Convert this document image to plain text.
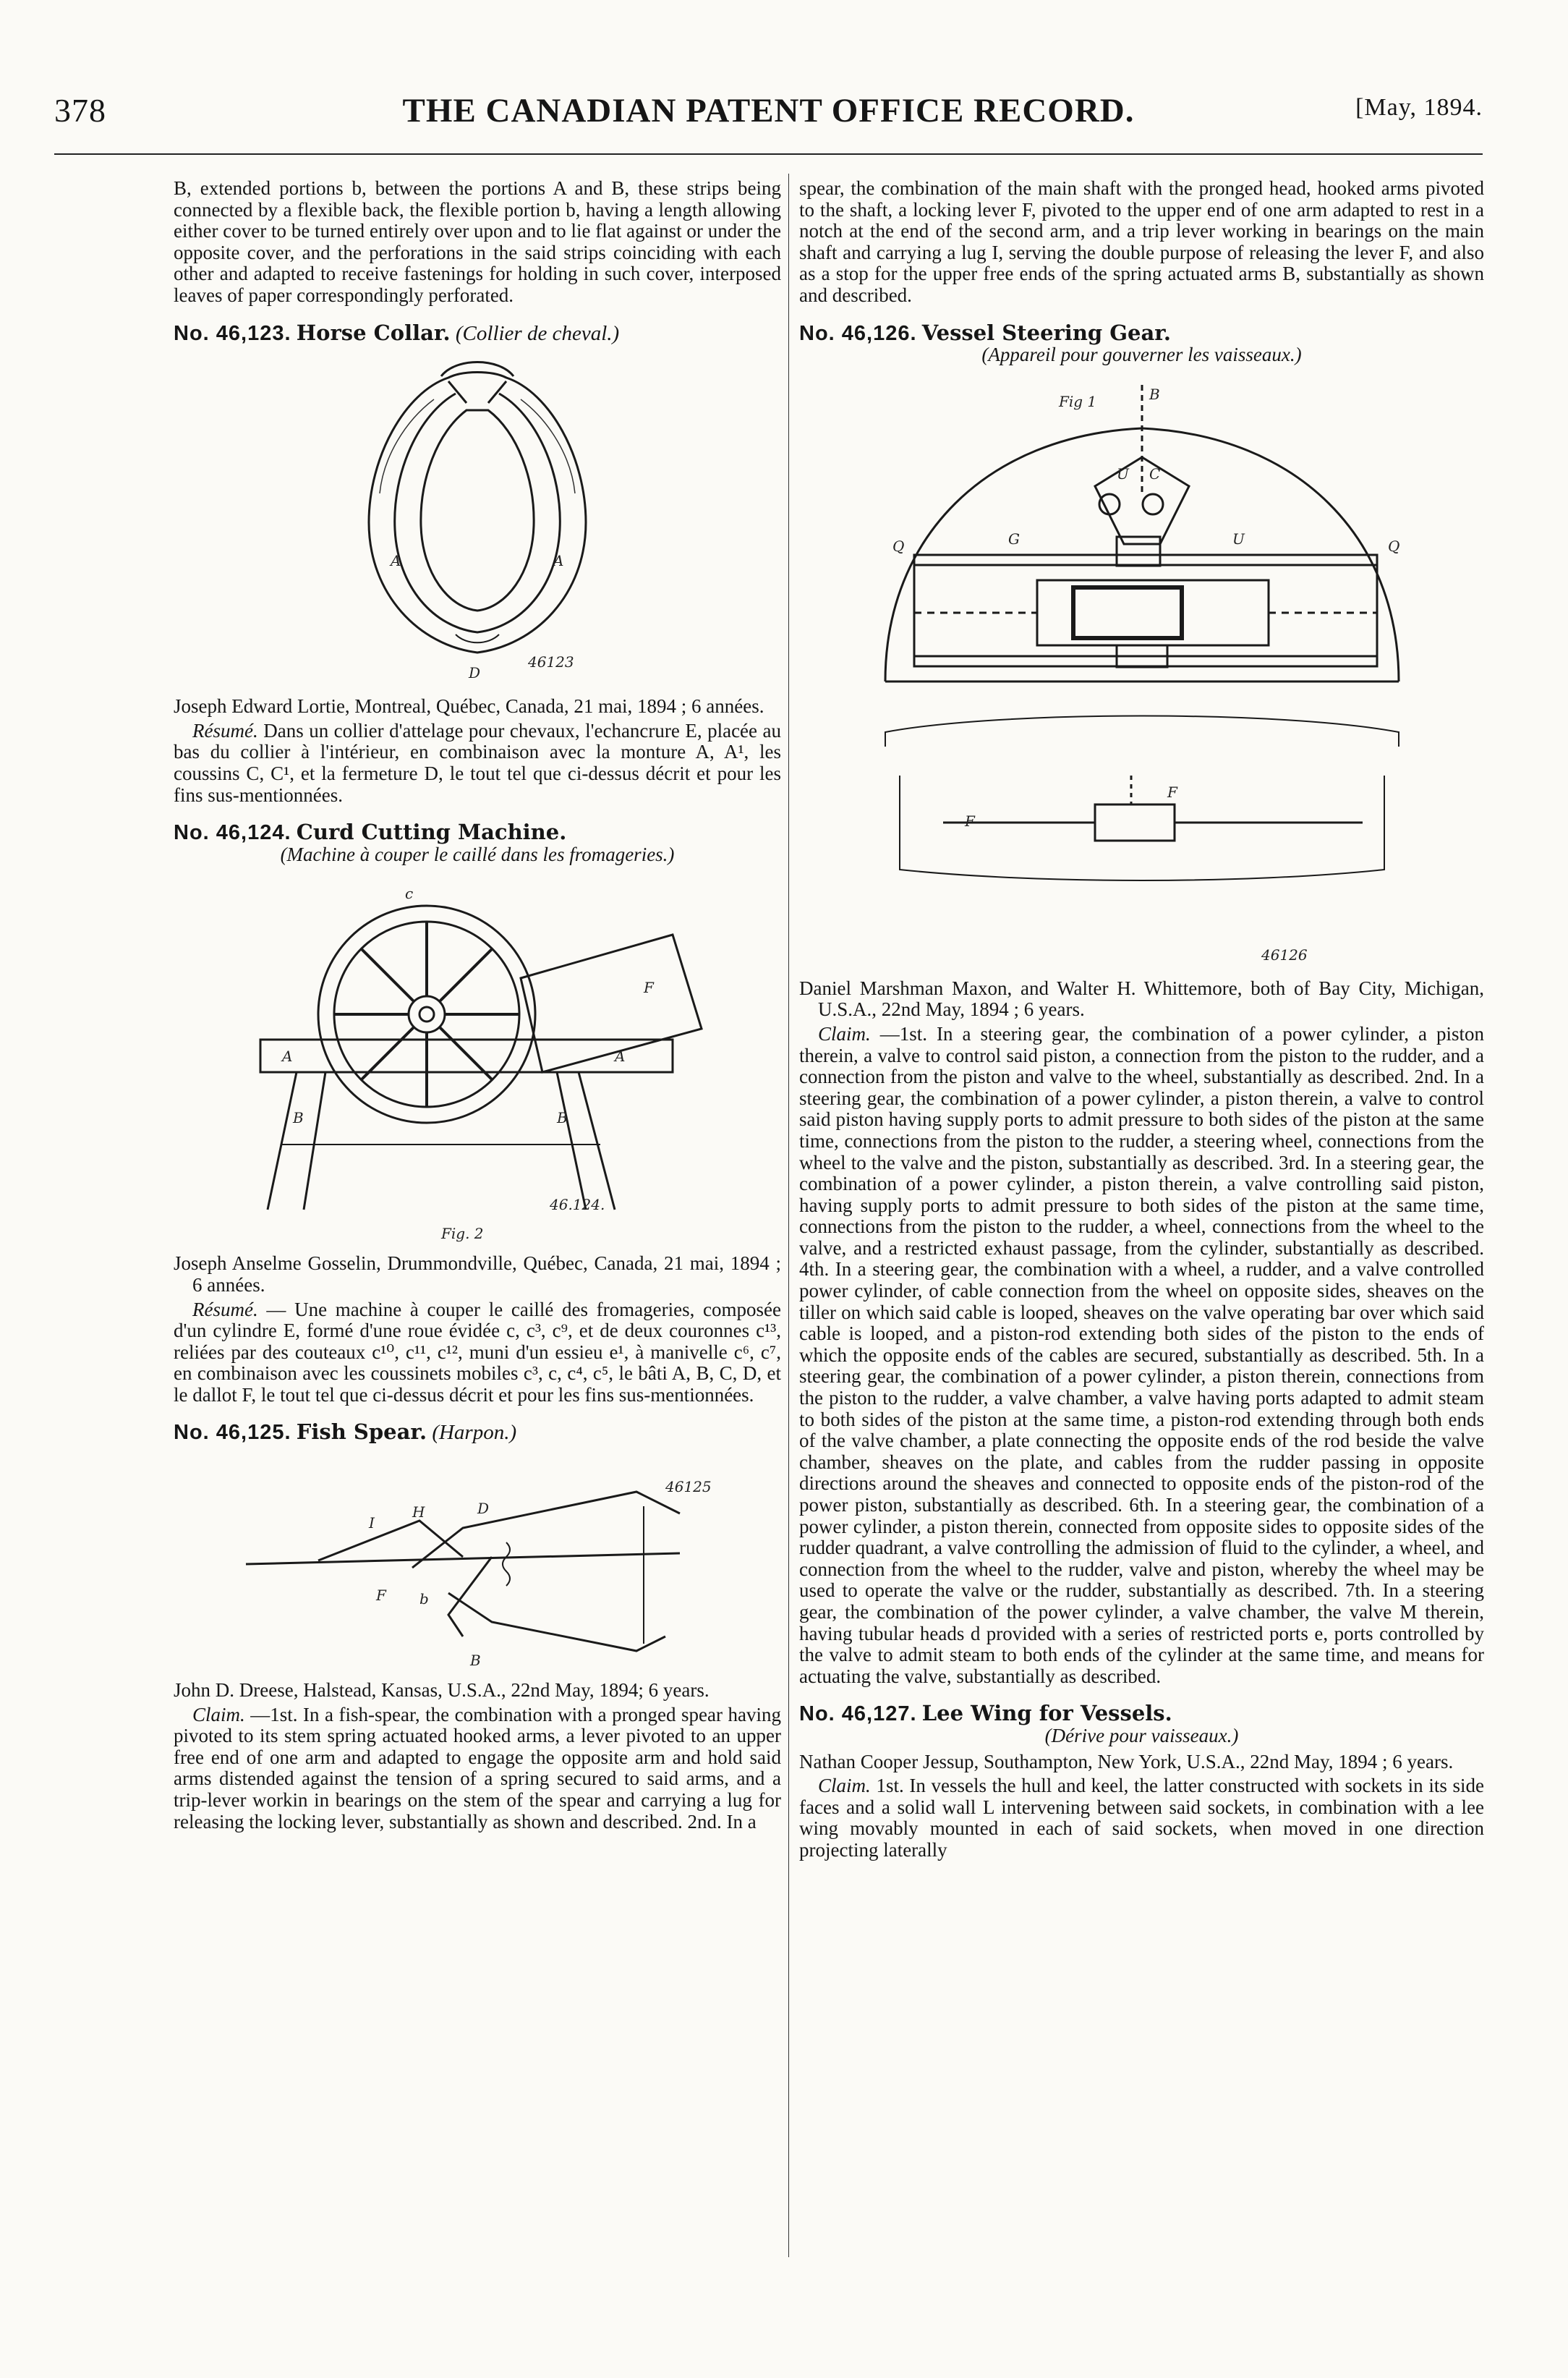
378	THE CANADIAN PATENT OFFICE RECORD.	[May, 1894.

B, extended portions b, between the portions A and B, these strips being connected by a flexible back, the flexible portion b, having a length allowing either cover to be turned entirely over upon and to lie flat against or under the opposite cover, and the perforations in the said strips coinciding with each other and adapted to receive fastenings for holding in such cover, interposed leaves of paper correspondingly perforated.

No. 46,123. Horse Collar. (Collier de cheval.)

A	A
D
46123

Joseph Edward Lortie, Montreal, Québec, Canada, 21 mai, 1894 ; 6 années.

Résumé. Dans un collier d'attelage pour chevaux, l'echancrure E, placée au bas du collier à l'intérieur, en combinaison avec la monture A, A¹, les coussins C, C¹, et la fermeture D, le tout tel que ci-dessus décrit et pour les fins sus-mentionnées.

No. 46,124. Curd Cutting Machine.

(Machine à couper le caillé dans les fromageries.)

c
A	A
F
B	B
46.124.
Fig. 2

Joseph Anselme Gosselin, Drummondville, Québec, Canada, 21 mai, 1894 ; 6 années.

Résumé. — Une machine à couper le caillé des fromageries, composée d'un cylindre E, formé d'une roue évidée c, c³, c⁹, et de deux couronnes c¹³, reliées par des couteaux c¹⁰, c¹¹, c¹², muni d'un essieu e¹, à manivelle c⁶, c⁷, en combinaison avec les coussinets mobiles c³, c, c⁴, c⁵, le bâti A, B, C, D, et le dallot F, le tout tel que ci-dessus décrit et pour les fins sus-mentionnées.

No. 46,125. Fish Spear. (Harpon.)

I
H	D
F b
B
46125

John D. Dreese, Halstead, Kansas, U.S.A., 22nd May, 1894; 6 years.

Claim. —1st. In a fish-spear, the combination with a pronged spear having pivoted to its stem spring actuated hooked arms, a lever pivoted to an upper free end of one arm and adapted to engage the opposite arm and hold said arms distended against the tension of a spring secured to said arms, and a trip-lever workin in bearings on the stem of the spear and carrying a lug for releasing the locking lever, substantially as shown and described. 2nd. In a

spear, the combination of the main shaft with the pronged head, hooked arms pivoted to the shaft, a locking lever F, pivoted to the upper end of one arm adapted to rest in a notch at the end of the second arm, and a trip lever working in bearings on the main shaft and carrying a lug I, serving the double purpose of releasing the lever F, and also as a stop for the upper free ends of the spring actuated arms B, substantially as shown and described.

No. 46,126. Vessel Steering Gear.

(Appareil pour gouverner les vaisseaux.)

Fig 1	B
U C
G	U
Q	Q
F
F
46126

Daniel Marshman Maxon, and Walter H. Whittemore, both of Bay City, Michigan, U.S.A., 22nd May, 1894 ; 6 years.

Claim. —1st. In a steering gear, the combination of a power cylinder, a piston therein, a valve to control said piston, a connection from the piston to the rudder, and a connection from the piston and valve to the wheel, substantially as described. 2nd. In a steering gear, the combination of a power cylinder, a piston therein, a valve to control said piston having supply ports to admit pressure to both sides of the piston at the same time, connections from the piston to the rudder, a steering wheel, connections from the wheel to the valve and the piston, substantially as described. 3rd. In a steering gear, the combination of a power cylinder, a piston therein, a valve controlling said piston, having supply ports to admit pressure to both sides of the piston at the same time, connections from the piston to the rudder, a wheel, connections from the wheel to the valve, and a restricted exhaust passage, from the cylinder, substantially as described. 4th. In a steering gear, the combination with a wheel, a rudder, and a valve controlled power cylinder, of cable connection from the wheel on opposite sides, sheaves on the tiller on which said cable is looped, sheaves on the valve operating bar over which said cable is looped, and a piston-rod extending both sides of the piston to the ends of which the opposite ends of the cables are secured, substantially as described. 5th. In a steering gear, the combination of a power cylinder, a piston therein, connections from the piston to the rudder, a valve chamber, a valve having ports adapted to admit steam to both sides of the piston at the same time, a piston-rod extending through both ends of the valve chamber, a plate connecting the opposite ends of the rod beside the valve chamber, sheaves on the plate, and cables from the rudder passing in opposite directions around the sheaves and connected to opposite ends of the piston-rod of the power piston, substantially as described. 6th. In a steering gear, the combination of a power cylinder, a piston therein, connected from opposite sides to opposite sides of the rudder quadrant, a valve controlling the admission of fluid to the cylinder, a wheel, and connection from the wheel to the rudder, valve and piston, whereby the wheel may be used to operate the valve or the rudder, substantially as described. 7th. In a steering gear, the combination of the power cylinder, a valve chamber, the valve M therein, having tubular heads d provided with a series of restricted ports e, ports controlled by the valve to admit steam to both ends of the cylinder at the same time, and means for actuating the valve, substantially as described.

No. 46,127. Lee Wing for Vessels.

(Dérive pour vaisseaux.)

Nathan Cooper Jessup, Southampton, New York, U.S.A., 22nd May, 1894 ; 6 years.

Claim. 1st. In vessels the hull and keel, the latter constructed with sockets in its side faces and a solid wall L intervening between said sockets, in combination with a lee wing movably mounted in each of said sockets, when moved in one direction projecting laterally
